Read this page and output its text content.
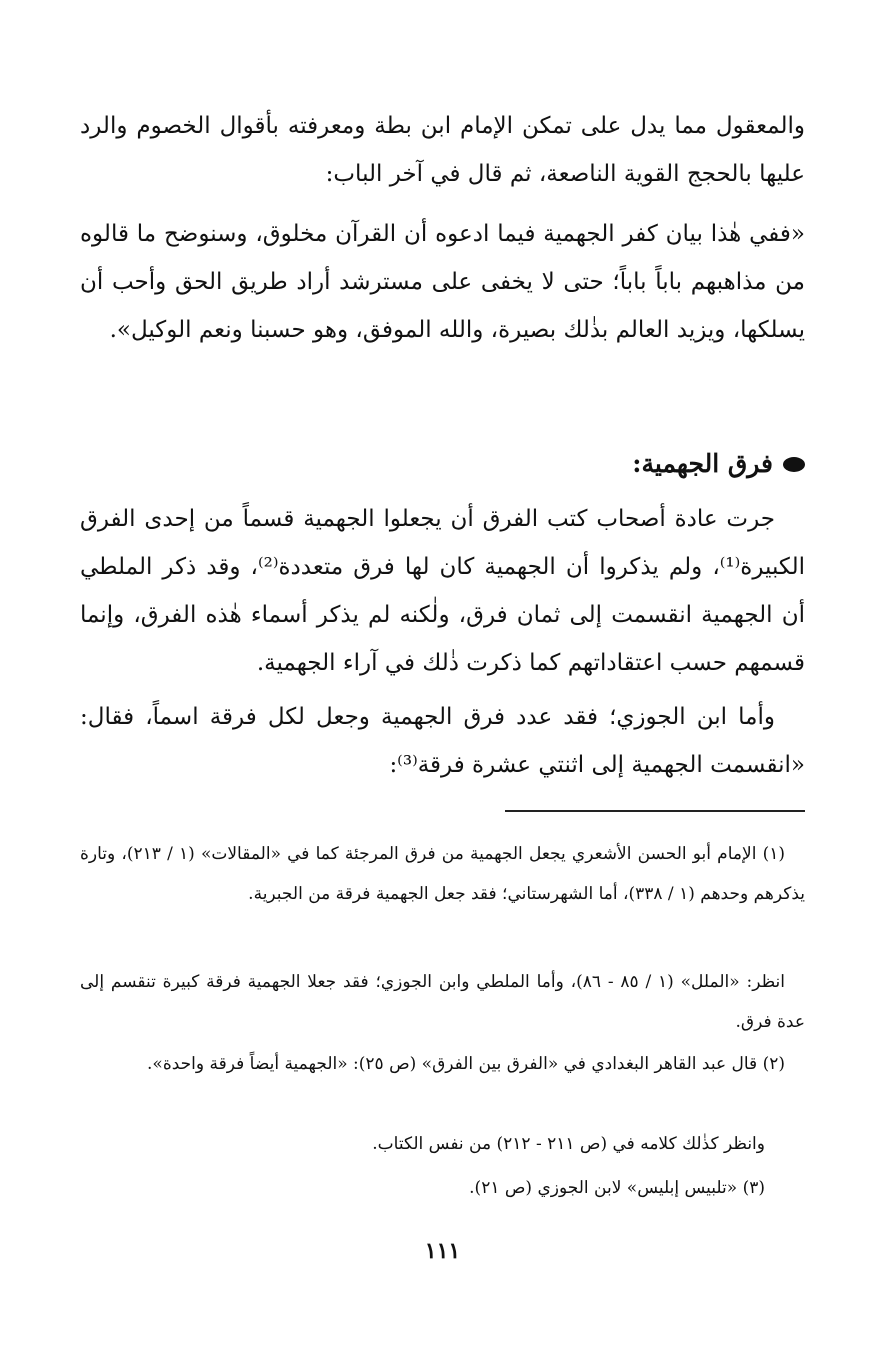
والمعقول مما يدل على تمكن الإمام ابن بطة ومعرفته بأقوال الخصوم والرد عليها بالحجج القوية الناصعة، ثم قال في آخر الباب:

«ففي هٰذا بيان كفر الجهمية فيما ادعوه أن القرآن مخلوق، وسنوضح ما قالوه من مذاهبهم باباً باباً؛ حتى لا يخفى على مسترشد أراد طريق الحق وأحب أن يسلكها، ويزيد العالم بذٰلك بصيرة، والله الموفق، وهو حسبنا ونعم الوكيل».

فرق الجهمية:

جرت عادة أصحاب كتب الفرق أن يجعلوا الجهمية قسماً من إحدى الفرق الكبيرة⁽¹⁾، ولم يذكروا أن الجهمية كان لها فرق متعددة⁽²⁾، وقد ذكر الملطي أن الجهمية انقسمت إلى ثمان فرق، ولٰكنه لم يذكر أسماء هٰذه الفرق، وإنما قسمهم حسب اعتقاداتهم كما ذكرت ذٰلك في آراء الجهمية.

وأما ابن الجوزي؛ فقد عدد فرق الجهمية وجعل لكل فرقة اسماً، فقال: «انقسمت الجهمية إلى اثنتي عشرة فرقة⁽³⁾:

(١) الإمام أبو الحسن الأشعري يجعل الجهمية من فرق المرجئة كما في «المقالات» (١ / ٢١٣)، وتارة يذكرهم وحدهم (١ / ٣٣٨)، أما الشهرستاني؛ فقد جعل الجهمية فرقة من الجبرية.

انظر: «الملل» (١ / ٨٥ - ٨٦)، وأما الملطي وابن الجوزي؛ فقد جعلا الجهمية فرقة كبيرة تنقسم إلى عدة فرق.

(٢) قال عبد القاهر البغدادي في «الفرق بين الفرق» (ص ٢٥): «الجهمية أيضاً فرقة واحدة».

وانظر كذٰلك كلامه في (ص ٢١١ - ٢١٢) من نفس الكتاب.

(٣) «تلبيس إبليس» لابن الجوزي (ص ٢١).

١١١
